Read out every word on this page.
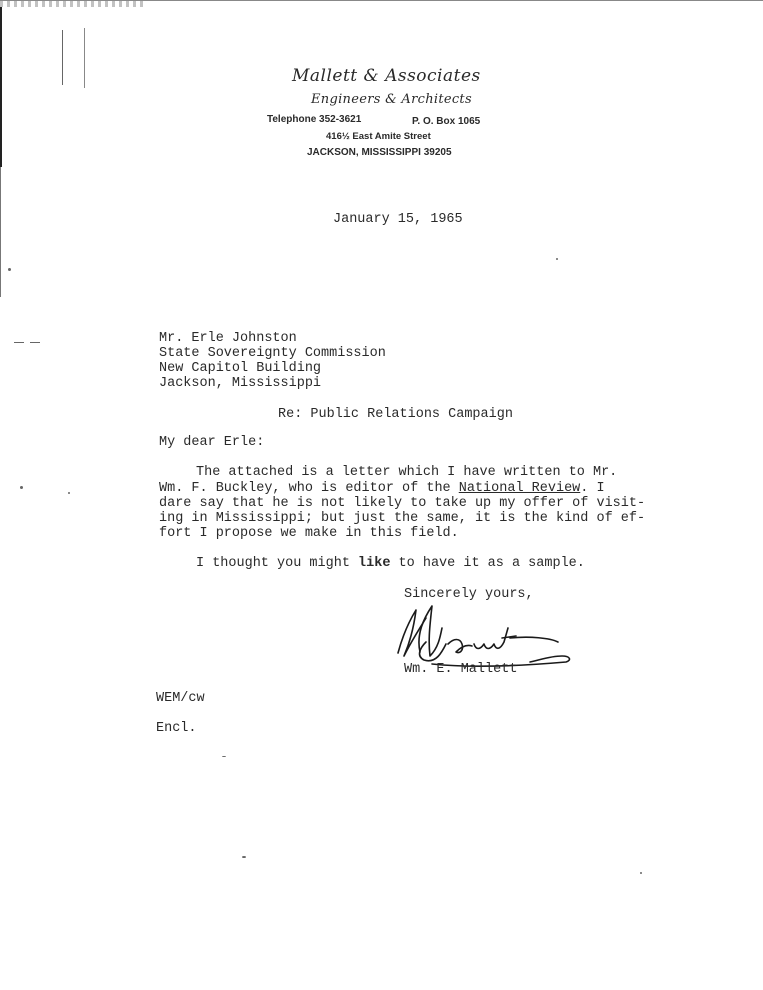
Mallett & Associates
Engineers & Architects
Telephone 352-3621	P. O. Box 1065
416½ East Amite Street
JACKSON, MISSISSIPPI 39205
January 15, 1965
Mr. Erle Johnston
State Sovereignty Commission
New Capitol Building
Jackson, Mississippi
Re: Public Relations Campaign
My dear Erle:
The attached is a letter which I have written to Mr.
Wm. F. Buckley, who is editor of the National Review. I
dare say that he is not likely to take up my offer of visit-
ing in Mississippi; but just the same, it is the kind of ef-
fort I propose we make in this field.
I thought you might like to have it as a sample.
Sincerely yours,
Wm. E. Mallett
WEM/cw
Encl.
